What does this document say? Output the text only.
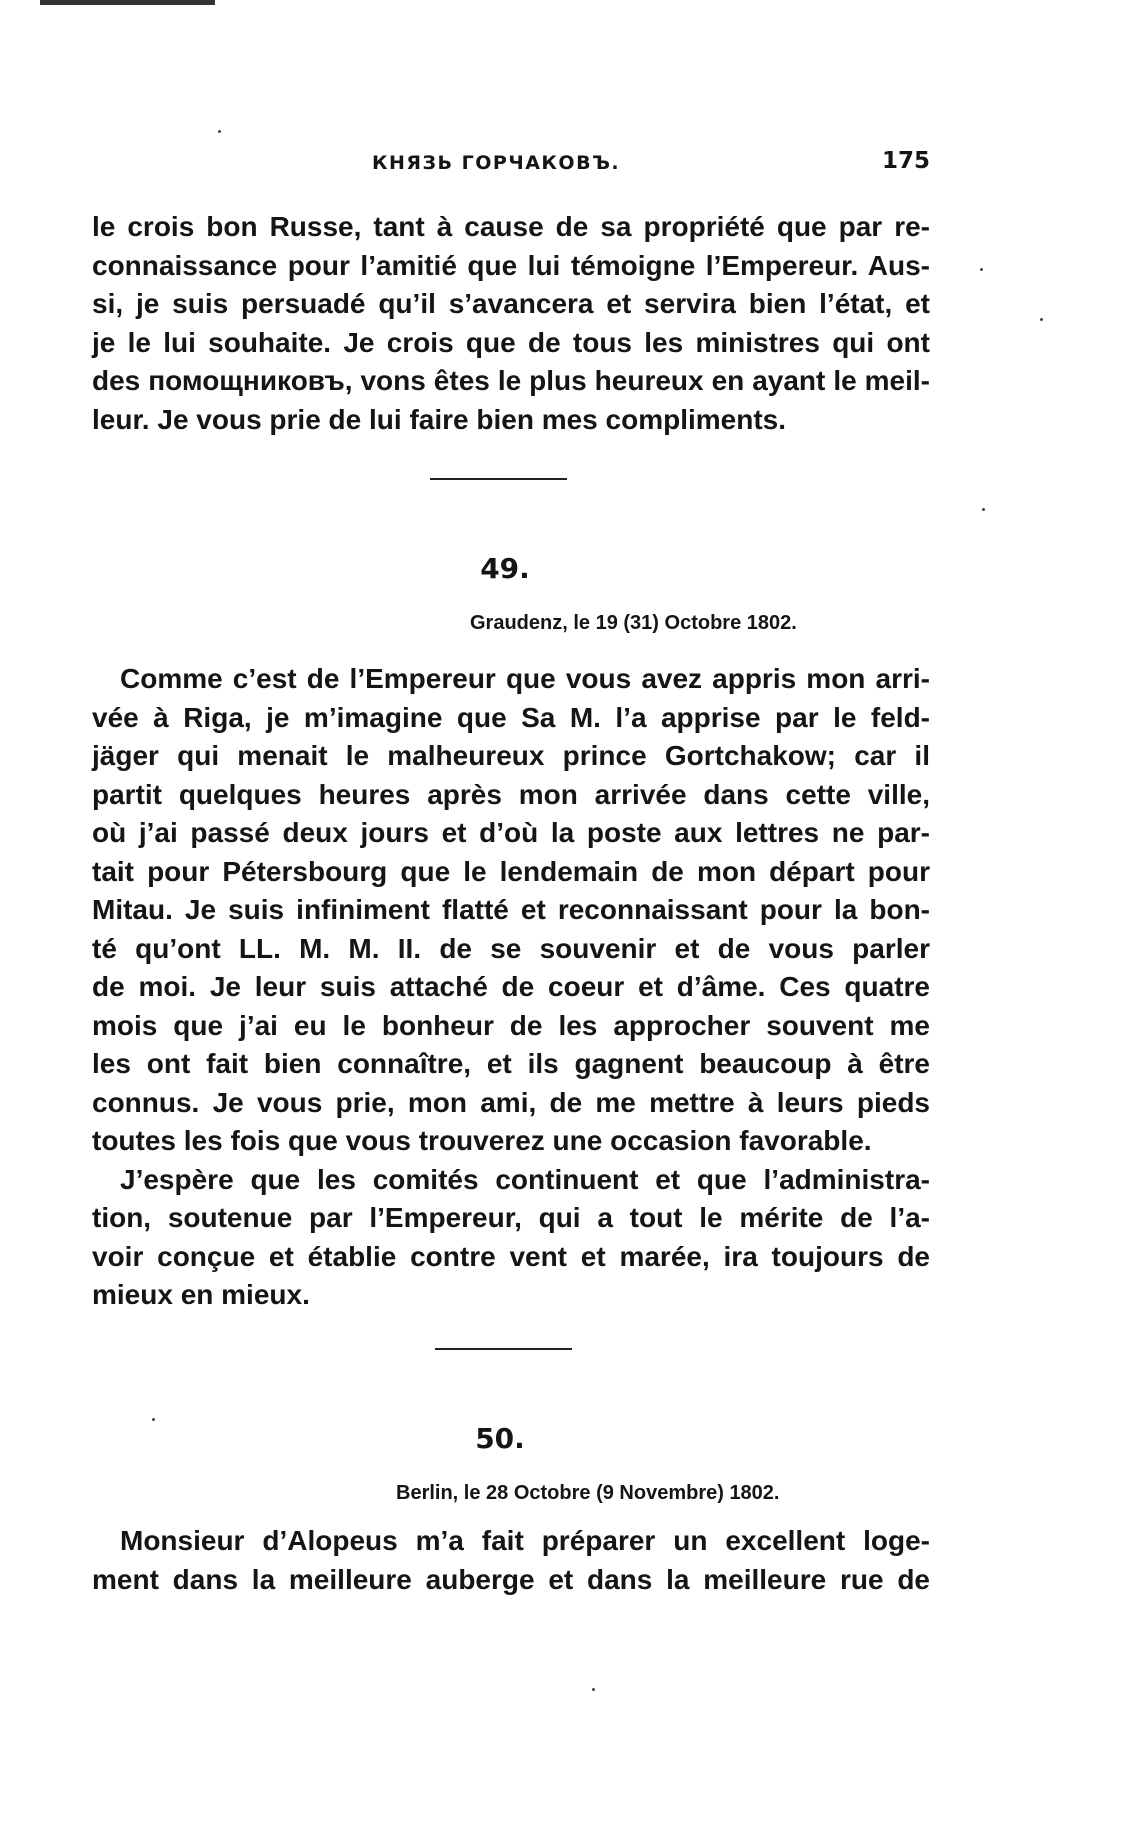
КНЯЗЬ ГОРЧАКОВЪ.	175
le crois bon Russe, tant à cause de sa propriété que par re-
connaissance pour l’amitié que lui témoigne l’Empereur. Aus-
si, je suis persuadé qu’il s’avancera et servira bien l’état, et
je le lui souhaite. Je crois que de tous les ministres qui ont
des помощниковъ, vons êtes le plus heureux en ayant le meil-
leur. Je vous prie de lui faire bien mes compliments.
49.
Graudenz, le 19 (31) Octobre 1802.
Comme c’est de l’Empereur que vous avez appris mon arri-
vée à Riga, je m’imagine que Sa M. l’a apprise par le feld-
jäger qui menait le malheureux prince Gortchakow; car il
partit quelques heures après mon arrivée dans cette ville,
où j’ai passé deux jours et d’où la poste aux lettres ne par-
tait pour Pétersbourg que le lendemain de mon départ pour
Mitau. Je suis infiniment flatté et reconnaissant pour la bon-
té qu’ont LL. M. M. II. de se souvenir et de vous parler
de moi. Je leur suis attaché de coeur et d’âme. Ces quatre
mois que j’ai eu le bonheur de les approcher souvent me
les ont fait bien connaître, et ils gagnent beaucoup à être
connus. Je vous prie, mon ami, de me mettre à leurs pieds
toutes les fois que vous trouverez une occasion favorable.
J’espère que les comités continuent et que l’administra-
tion, soutenue par l’Empereur, qui a tout le mérite de l’a-
voir conçue et établie contre vent et marée, ira toujours de
mieux en mieux.
50.
Berlin, le 28 Octobre (9 Novembre) 1802.
Monsieur d’Alopeus m’a fait préparer un excellent loge-
ment dans la meilleure auberge et dans la meilleure rue de
